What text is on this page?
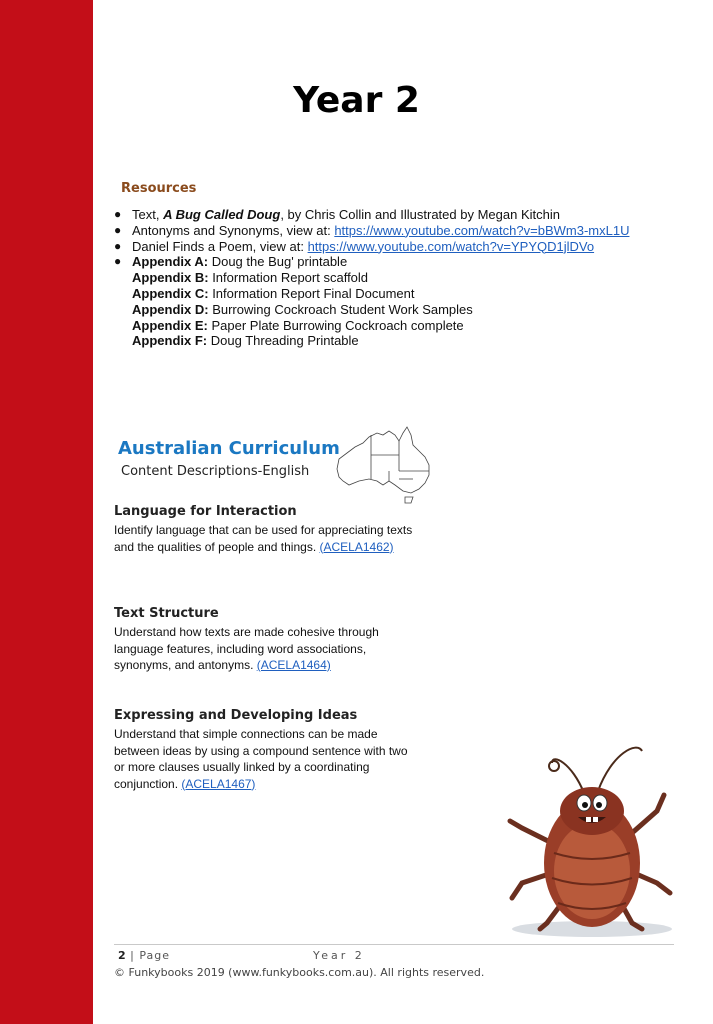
Year 2
Resources
● Text, A Bug Called Doug, by Chris Collin and Illustrated by Megan Kitchin
● Antonyms and Synonyms, view at: https://www.youtube.com/watch?v=bBWm3-mxL1U
● Daniel Finds a Poem, view at: https://www.youtube.com/watch?v=YPYQD1jlDVo
● Appendix A: Doug the Bug' printable
Appendix B: Information Report scaffold
Appendix C: Information Report Final Document
Appendix D: Burrowing Cockroach Student Work Samples
Appendix E: Paper Plate Burrowing Cockroach complete
Appendix F: Doug Threading Printable
Australian Curriculum
Content Descriptions-English
Language for Interaction

Identify language that can be used for appreciating texts and the qualities of people and things. (ACELA1462)

Text Structure

Understand how texts are made cohesive through language features, including word associations, synonyms, and antonyms. (ACELA1464)

Expressing and Developing Ideas

Understand that simple connections can be made between ideas by using a compound sentence with two or more clauses usually linked by a coordinating conjunction. (ACELA1467)

2 | Page	Year 2
© Funkybooks 2019 (www.funkybooks.com.au). All rights reserved.
